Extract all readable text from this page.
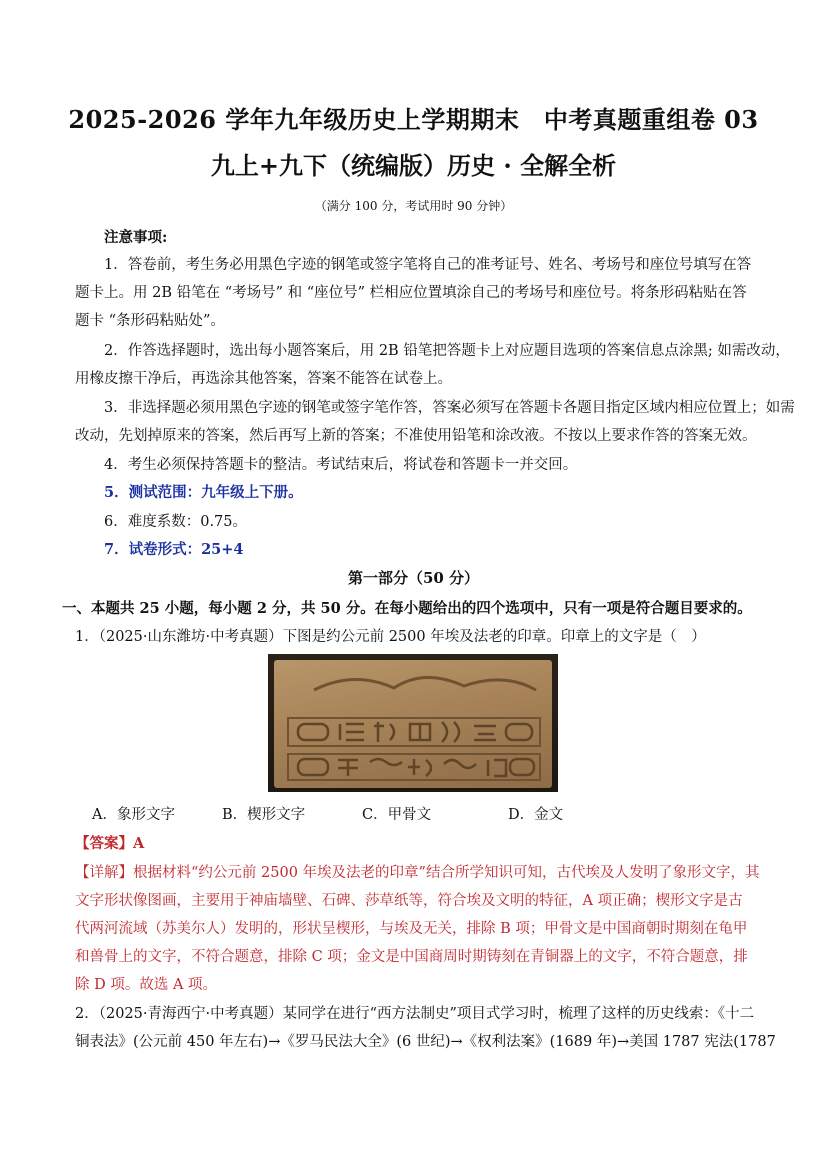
2025-2026 学年九年级历史上学期期末　中考真题重组卷 03
九上+九下（统编版）历史 · 全解全析
（满分 100 分，考试用时 90 分钟）
注意事项:
1．答卷前，考生务必用黑色字迹的钢笔或签字笔将自己的准考证号、姓名、考场号和座位号填写在答
题卡上。用 2B 铅笔在 “考场号” 和 “座位号” 栏相应位置填涂自己的考场号和座位号。将条形码粘贴在答
题卡 “条形码粘贴处”。
2．作答选择题时，选出每小题答案后，用 2B 铅笔把答题卡上对应题目选项的答案信息点涂黑; 如需改动，
用橡皮擦干净后，再选涂其他答案，答案不能答在试卷上。
3．非选择题必须用黑色字迹的钢笔或签字笔作答，答案必须写在答题卡各题目指定区域内相应位置上；如需
改动，先划掉原来的答案，然后再写上新的答案；不准使用铅笔和涂改液。不按以上要求作答的答案无效。
4．考生必须保持答题卡的整洁。考试结束后，将试卷和答题卡一并交回。
5．测试范围：九年级上下册。
6．难度系数：0.75。
7．试卷形式：25+4
第一部分（50 分）
一、本题共 25 小题，每小题 2 分，共 50 分。在每小题给出的四个选项中，只有一项是符合题目要求的。
1．（2025·山东潍坊·中考真题）下图是约公元前 2500 年埃及法老的印章。印章上的文字是（　）
A．象形文字	B．楔形文字	C．甲骨文	D．金文
【答案】A
【详解】根据材料“约公元前 2500 年埃及法老的印章”结合所学知识可知，古代埃及人发明了象形文字，其
文字形状像图画，主要用于神庙墙壁、石碑、莎草纸等，符合埃及文明的特征，A 项正确；楔形文字是古
代两河流域（苏美尔人）发明的，形状呈楔形，与埃及无关，排除 B 项；甲骨文是中国商朝时期刻在龟甲
和兽骨上的文字，不符合题意，排除 C 项；金文是中国商周时期铸刻在青铜器上的文字，不符合题意，排
除 D 项。故选 A 项。
2．（2025·青海西宁·中考真题）某同学在进行“西方法制史”项目式学习时，梳理了这样的历史线索：《十二
铜表法》(公元前 450 年左右)→《罗马民法大全》(6 世纪)→《权利法案》(1689 年)→美国 1787 宪法(1787
